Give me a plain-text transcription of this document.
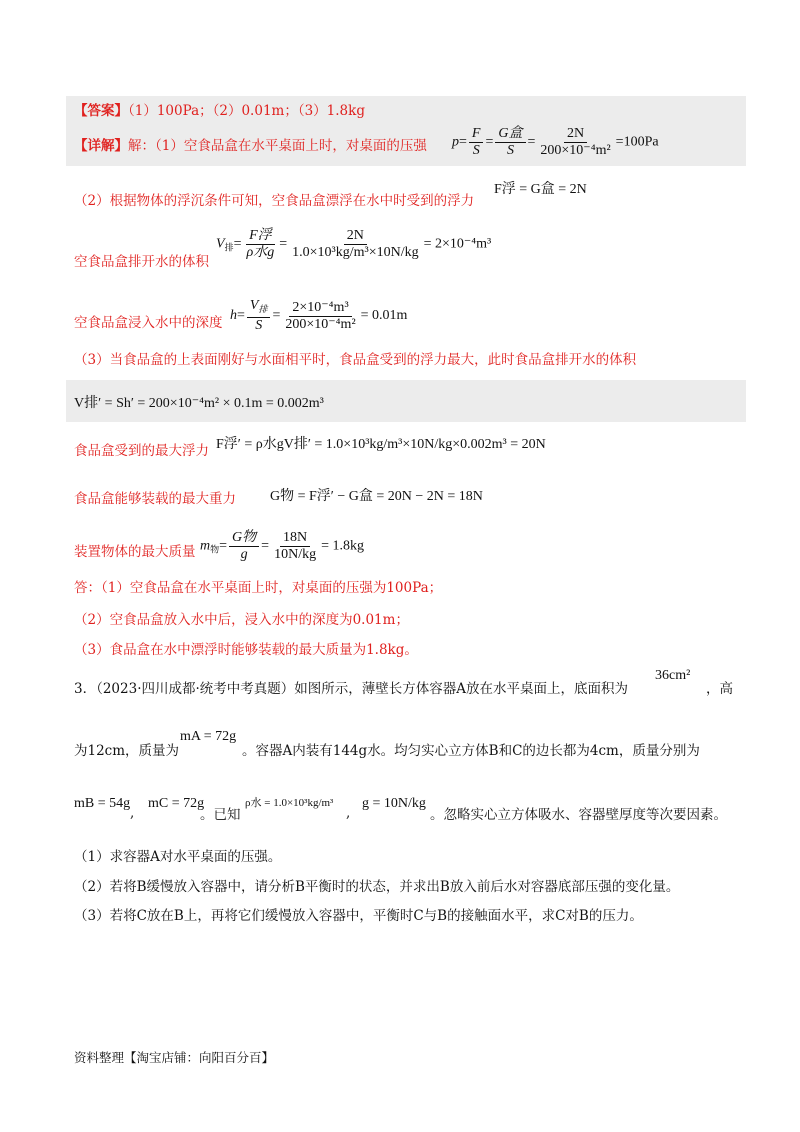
【答案】（1）100Pa；（2）0.01m；（3）1.8kg
【详解】解：（1）空食品盒在水平桌面上时，对桌面的压强 $p= \frac{F}{S} = \frac{\text{G盒}}{S} = \frac{2N}{\text{200×10⁻⁴m²}} =100Pa$
（2）根据物体的浮沉条件可知，空食品盒漂浮在水中时受到的浮力
F浮 = G盒 = 2N
空食品盒排开水的体积
$V_排= \frac{\text{F浮}}{\text{ρ水g}} = \frac{2N}{\text{1.0×10³kg/m³×10N/kg}} = 2\times 10^{-4}m^3$
空食品盒浸入水中的深度 $h= \frac{V_排}{S} = \frac{\text{2×10⁻⁴m³}}{\text{200×10⁻⁴m²}} = 0.01m$
（3）当食品盒的上表面刚好与水面相平时，食品盒受到的浮力最大，此时食品盒排开水的体积
V排′ = Sh′ = 200×10⁻⁴m² × 0.1m = 0.002m³
食品盒受到的最大浮力 F浮′ = ρ水gV排′ = 1.0×10³kg/m³×10N/kg×0.002m³ = 20N
食品盒能够装载的最大重力 G物 = F浮′ − G盒 = 20N − 2N = 18N
装置物体的最大质量 $m_物= \frac{\text{G物}}{g} = \frac{18N}{10N/kg} = 1.8kg$
答：（1）空食品盒在水平桌面上时，对桌面的压强为100Pa；
（2）空食品盒放入水中后，浸入水中的深度为0.01m；
（3）食品盒在水中漂浮时能够装载的最大质量为1.8kg。
3．（2023·四川成都·统考中考真题）如图所示，薄壁长方体容器A放在水平桌面上，底面积为
36cm²
，高
为12cm，质量为
mA = 72g
。容器A内装有144g水。均匀实心立方体B和C的边长都为4cm，质量分别为
mB = 54g
,
mC = 72g
。已知
ρ水 = 1.0×10³kg/m³
,
g = 10N/kg
。忽略实心立方体吸水、容器壁厚度等次要因素。
（1）求容器A对水平桌面的压强。
（2）若将B缓慢放入容器中，请分析B平衡时的状态，并求出B放入前后水对容器底部压强的变化量。
（3）若将C放在B上，再将它们缓慢放入容器中，平衡时C与B的接触面水平，求C对B的压力。
资料整理【淘宝店铺：向阳百分百】
